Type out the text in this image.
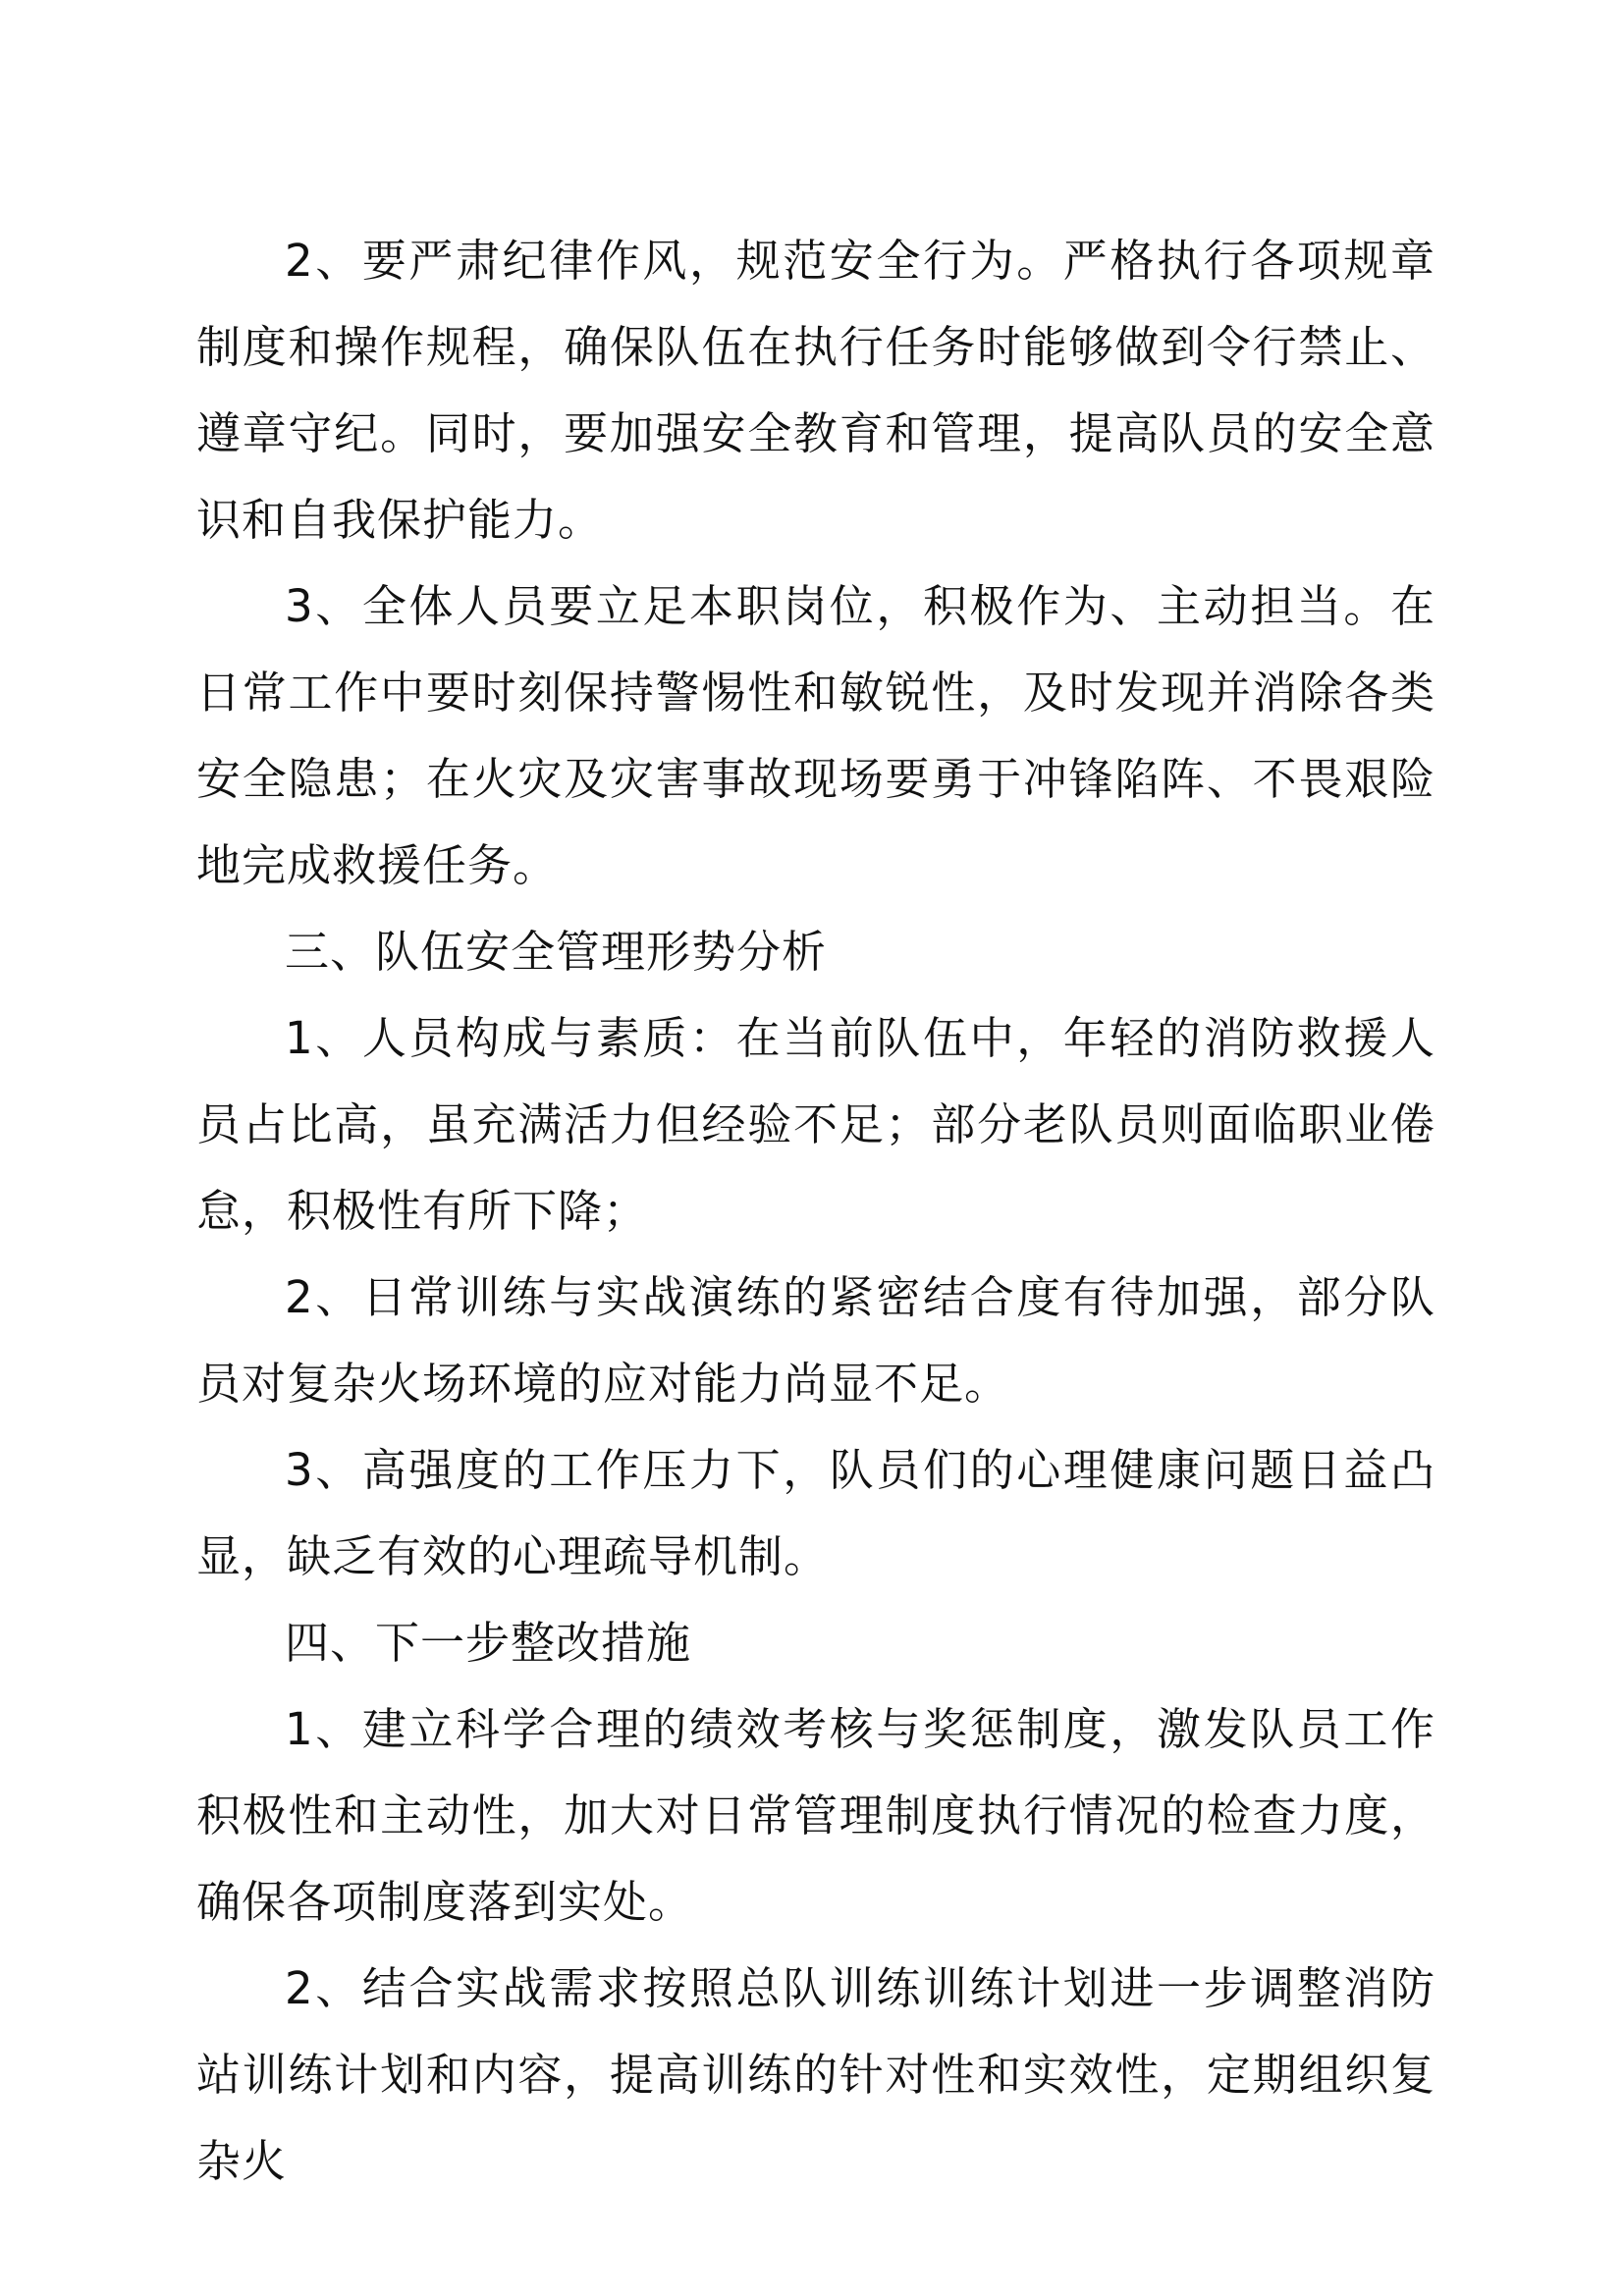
2、要严肃纪律作风，规范安全行为。严格执行各项规章制度和操作规程，确保队伍在执行任务时能够做到令行禁止、遵章守纪。同时，要加强安全教育和管理，提高队员的安全意识和自我保护能力。

3、全体人员要立足本职岗位，积极作为、主动担当。在日常工作中要时刻保持警惕性和敏锐性，及时发现并消除各类安全隐患；在火灾及灾害事故现场要勇于冲锋陷阵、不畏艰险地完成救援任务。

三、队伍安全管理形势分析

1、人员构成与素质：在当前队伍中，年轻的消防救援人员占比高，虽充满活力但经验不足；部分老队员则面临职业倦怠，积极性有所下降；

2、日常训练与实战演练的紧密结合度有待加强，部分队员对复杂火场环境的应对能力尚显不足。

3、高强度的工作压力下，队员们的心理健康问题日益凸显，缺乏有效的心理疏导机制。

四、下一步整改措施

1、建立科学合理的绩效考核与奖惩制度，激发队员工作积极性和主动性，加大对日常管理制度执行情况的检查力度，确保各项制度落到实处。

2、结合实战需求按照总队训练训练计划进一步调整消防站训练计划和内容，提高训练的针对性和实效性，定期组织复杂火
